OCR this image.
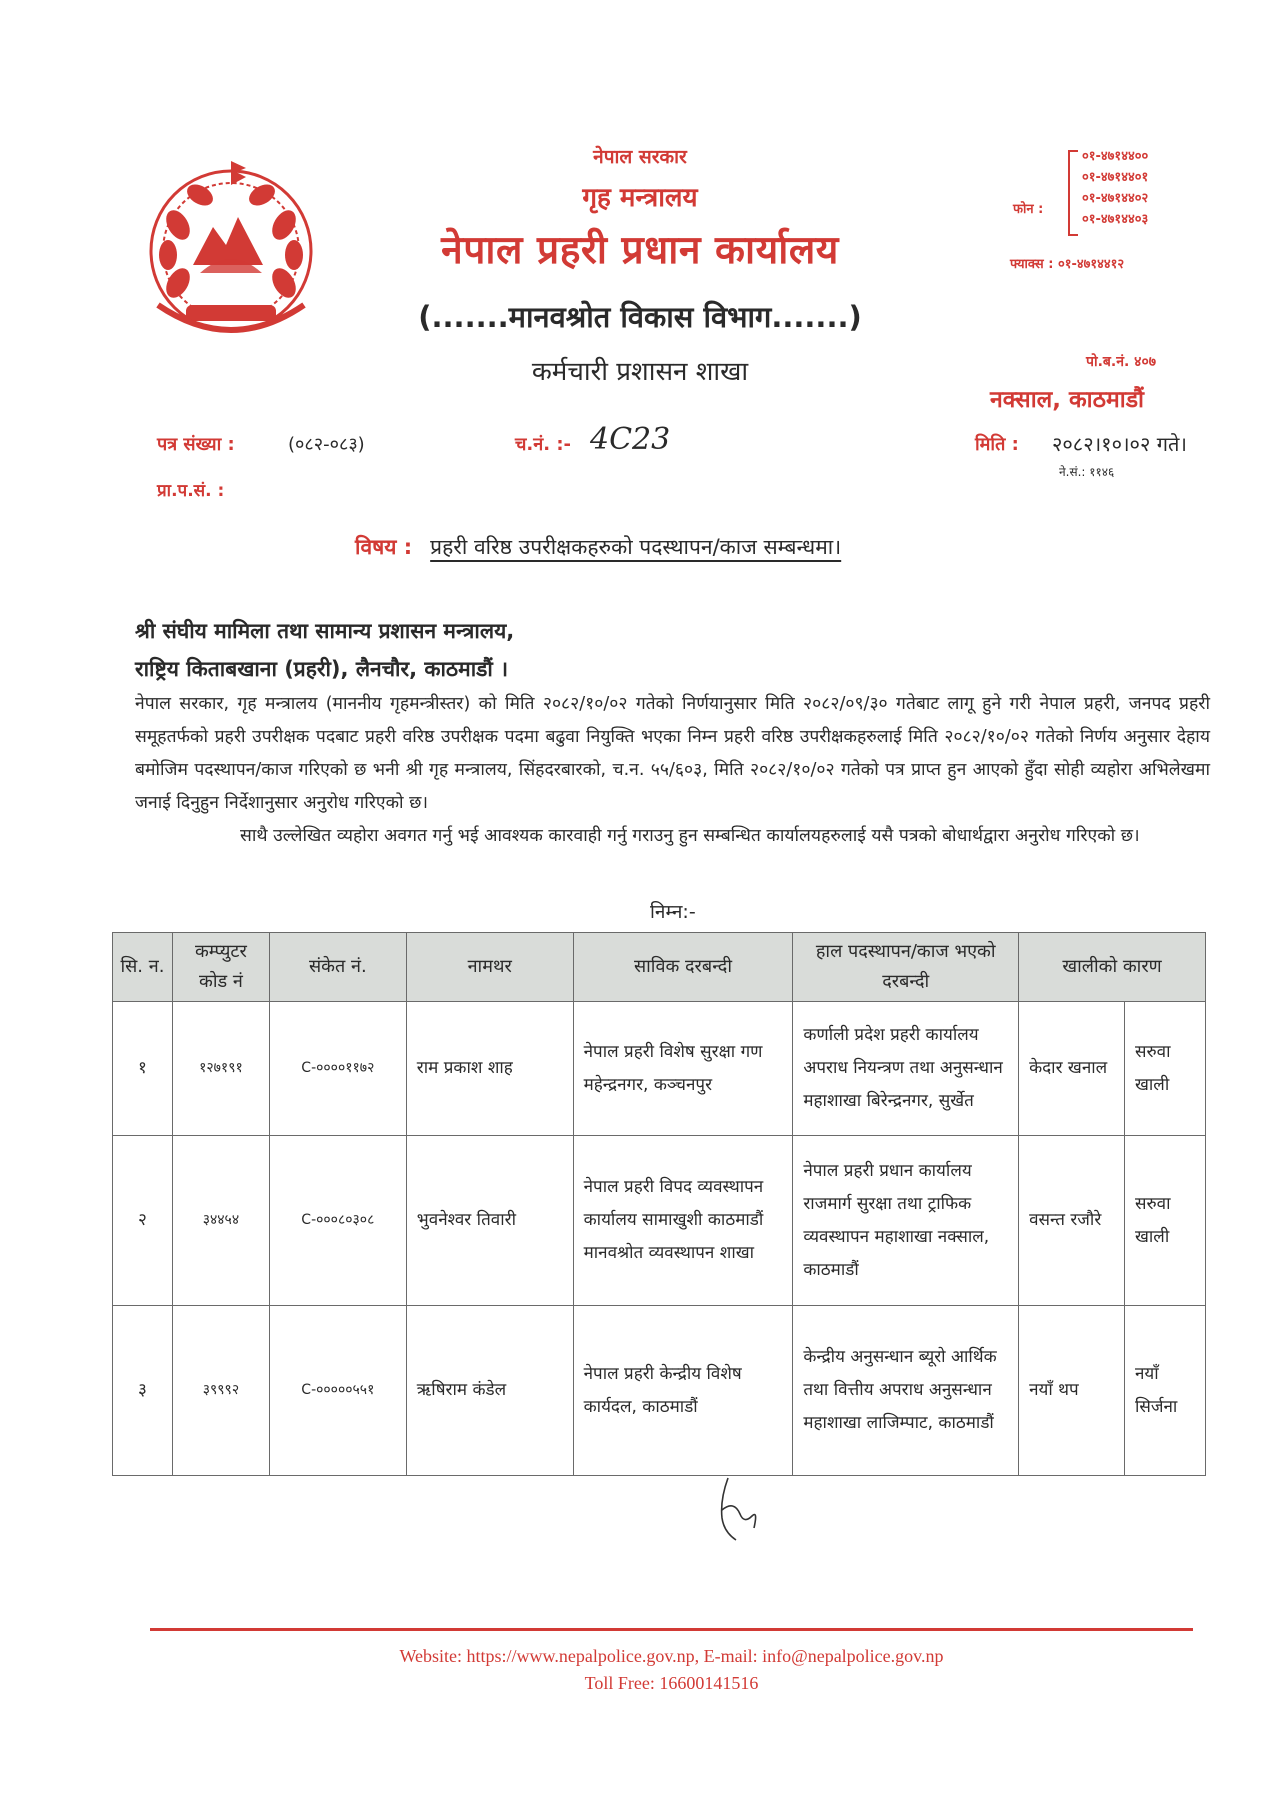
नेपाल सरकार
गृह मन्त्रालय
नेपाल प्रहरी प्रधान कार्यालय
(.......मानवश्रोत विकास विभाग.......)
कर्मचारी प्रशासन शाखा
फोन :
०१-४७१४४००
०१-४७१४४०१
०१-४७१४४०२
०१-४७१४४०३
फ्याक्स : ०१-४७१४४१२
पो.ब.नं. ४०७
नक्साल, काठमाडौं
पत्र संख्या :	(०८२-०८३)	च.नं. :- 4C23	मिति : २०८२।१०।०२ गते।
ने.सं.: ११४६
प्रा.प.सं. :
विषय : प्रहरी वरिष्ठ उपरीक्षकहरुको पदस्थापन/काज सम्बन्धमा।
श्री संघीय मामिला तथा सामान्य प्रशासन मन्त्रालय,
राष्ट्रिय किताबखाना (प्रहरी), लैनचौर, काठमाडौं ।

नेपाल सरकार, गृह मन्त्रालय (माननीय गृहमन्त्रीस्तर) को मिति २०८२/१०/०२ गतेको निर्णयानुसार मिति २०८२/०९/३० गतेबाट लागू हुने गरी नेपाल प्रहरी, जनपद प्रहरी समूहतर्फको प्रहरी उपरीक्षक पदबाट प्रहरी वरिष्ठ उपरीक्षक पदमा बढुवा नियुक्ति भएका निम्न प्रहरी वरिष्ठ उपरीक्षकहरुलाई मिति २०८२/१०/०२ गतेको निर्णय अनुसार देहाय बमोजिम पदस्थापन/काज गरिएको छ भनी श्री गृह मन्त्रालय, सिंहदरबारको, च.न. ५५/६०३, मिति २०८२/१०/०२ गतेको पत्र प्राप्त हुन आएको हुँदा सोही व्यहोरा अभिलेखमा जनाई दिनुहुन निर्देशानुसार अनुरोध गरिएको छ।

साथै उल्लेखित व्यहोरा अवगत गर्नु भई आवश्यक कारवाही गर्नु गराउनु हुन सम्बन्धित कार्यालयहरुलाई यसै पत्रको बोधार्थद्वारा अनुरोध गरिएको छ।

निम्न:-
सि. न.	कम्प्युटर कोड नं	संकेत नं.	नामथर	साविक दरबन्दी	हाल पदस्थापन/काज भएको दरबन्दी	खालीको कारण	
१	१२७१९१	C-००००११७२	राम प्रकाश शाह	नेपाल प्रहरी विशेष सुरक्षा गण महेन्द्रनगर, कञ्चनपुर	कर्णाली प्रदेश प्रहरी कार्यालय अपराध नियन्त्रण तथा अनुसन्धान महाशाखा बिरेन्द्रनगर, सुर्खेत	केदार खनाल	सरुवा खाली
२	३४४५४	C-०००८०३०८	भुवनेश्वर तिवारी	नेपाल प्रहरी विपद व्यवस्थापन कार्यालय सामाखुशी काठमाडौं मानवश्रोत व्यवस्थापन शाखा	नेपाल प्रहरी प्रधान कार्यालय राजमार्ग सुरक्षा तथा ट्राफिक व्यवस्थापन महाशाखा नक्साल, काठमाडौं	वसन्त रजौरे	सरुवा खाली
३	३९९९२	C-०००००५५१	ऋषिराम कंडेल	नेपाल प्रहरी केन्द्रीय विशेष कार्यदल, काठमाडौं	केन्द्रीय अनुसन्धान ब्यूरो आर्थिक तथा वित्तीय अपराध अनुसन्धान महाशाखा लाजिम्पाट, काठमाडौं	नयाँ थप	नयाँ सिर्जना
Website: https://www.nepalpolice.gov.np, E-mail: info@nepalpolice.gov.np
Toll Free: 16600141516
